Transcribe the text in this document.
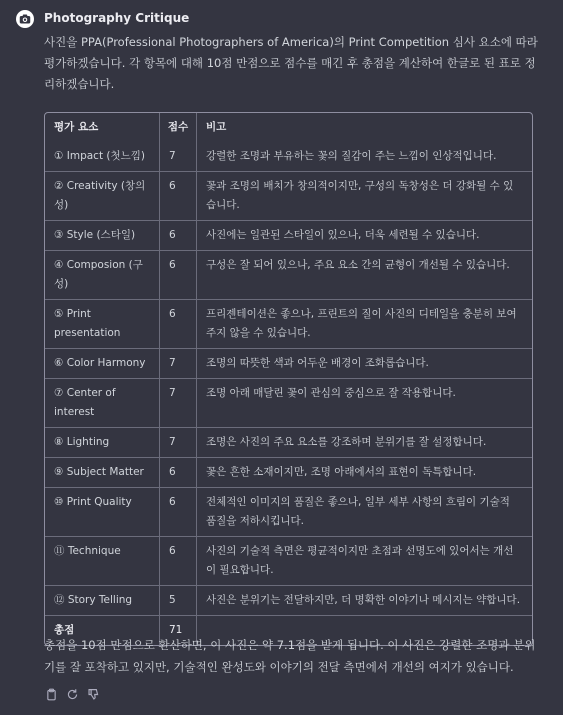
Photography Critique
사진을 PPA(Professional Photographers of America)의 Print Competition 심사 요소에 따라 평가하겠습니다. 각 항목에 대해 10점 만점으로 점수를 매긴 후 총점을 계산하여 한글로 된 표로 정리하겠습니다.
평가 요소	점수	비고
① Impact (첫느낌)	7	강렬한 조명과 부유하는 꽃의 질감이 주는 느낌이 인상적입니다.
② Creativity (창의성)	6	꽃과 조명의 배치가 창의적이지만, 구성의 독창성은 더 강화될 수 있습니다.
③ Style (스타일)	6	사진에는 일관된 스타일이 있으나, 더욱 세련될 수 있습니다.
④ Composion (구성)	6	구성은 잘 되어 있으나, 주요 요소 간의 균형이 개선될 수 있습니다.
⑤ Print presentation	6	프리젠테이션은 좋으나, 프린트의 질이 사진의 디테일을 충분히 보여주지 않을 수 있습니다.
⑥ Color Harmony	7	조명의 따뜻한 색과 어두운 배경이 조화롭습니다.
⑦ Center of interest	7	조명 아래 매달린 꽃이 관심의 중심으로 잘 작용합니다.
⑧ Lighting	7	조명은 사진의 주요 요소를 강조하며 분위기를 잘 설정합니다.
⑨ Subject Matter	6	꽃은 흔한 소재이지만, 조명 아래에서의 표현이 독특합니다.
⑩ Print Quality	6	전체적인 이미지의 품질은 좋으나, 일부 세부 사항의 흐림이 기술적 품질을 저하시킵니다.
⑪ Technique	6	사진의 기술적 측면은 평균적이지만 초점과 선명도에 있어서는 개선이 필요합니다.
⑫ Story Telling	5	사진은 분위기는 전달하지만, 더 명확한 이야기나 메시지는 약합니다.
총점	71	
총점을 10점 만점으로 환산하면, 이 사진은 약 7.1점을 받게 됩니다. 이 사진은 강렬한 조명과 분위기를 잘 포착하고 있지만, 기술적인 완성도와 이야기의 전달 측면에서 개선의 여지가 있습니다.
